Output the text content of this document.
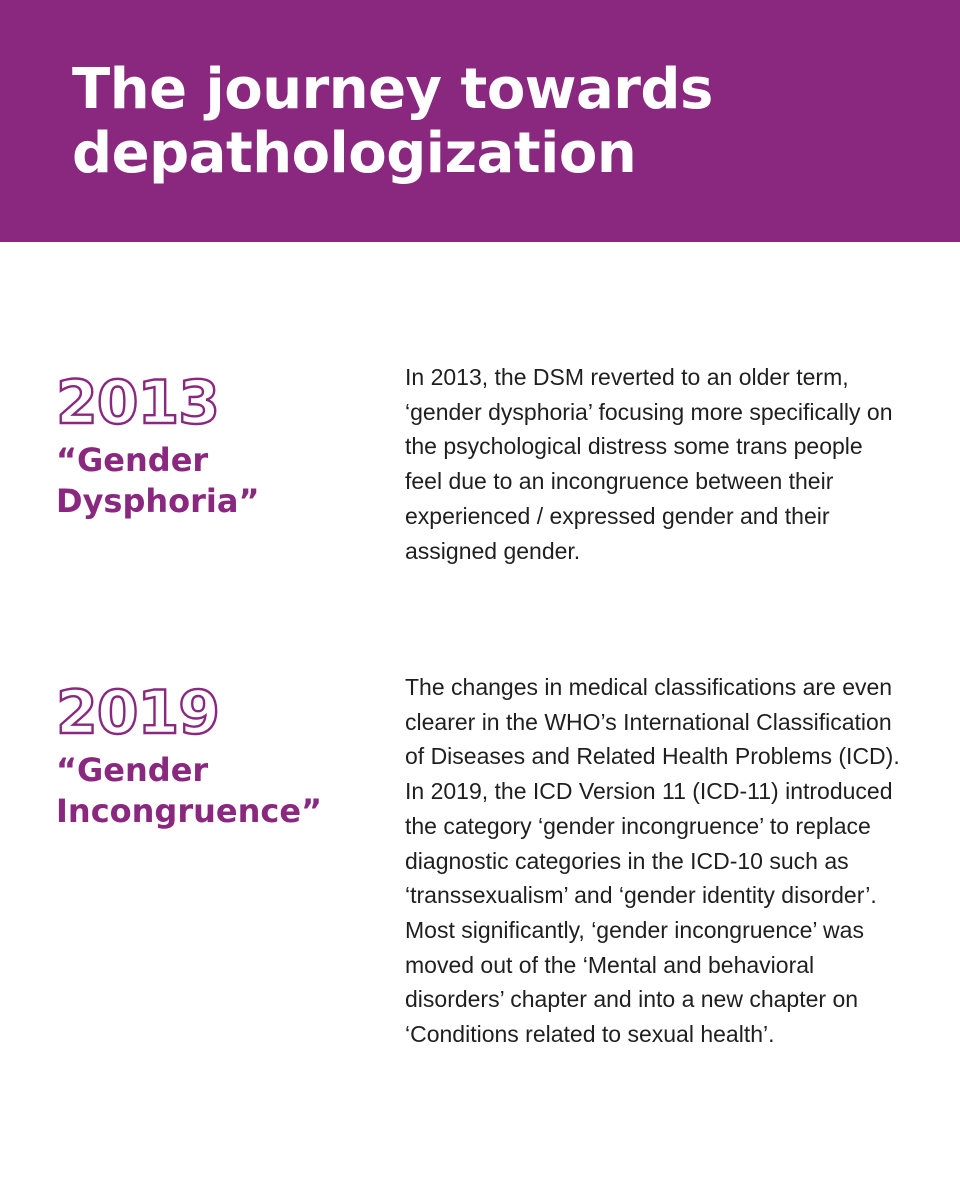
The journey towards depathologization
2013
“Gender Dysphoria”

In 2013, the DSM reverted to an older term, ‘gender dysphoria’ focusing more specifically on the psychological distress some trans people feel due to an incongruence between their experienced / expressed gender and their assigned gender.

2019
“Gender Incongruence”

The changes in medical classifications are even clearer in the WHO’s International Classification of Diseases and Related Health Problems (ICD). In 2019, the ICD Version 11 (ICD-11) introduced the category ‘gender incongruence’ to replace diagnostic categories in the ICD-10 such as ‘transsexualism’ and ‘gender identity disorder’. Most significantly, ‘gender incongruence’ was moved out of the ‘Mental and behavioral disorders’ chapter and into a new chapter on ‘Conditions related to sexual health’.
